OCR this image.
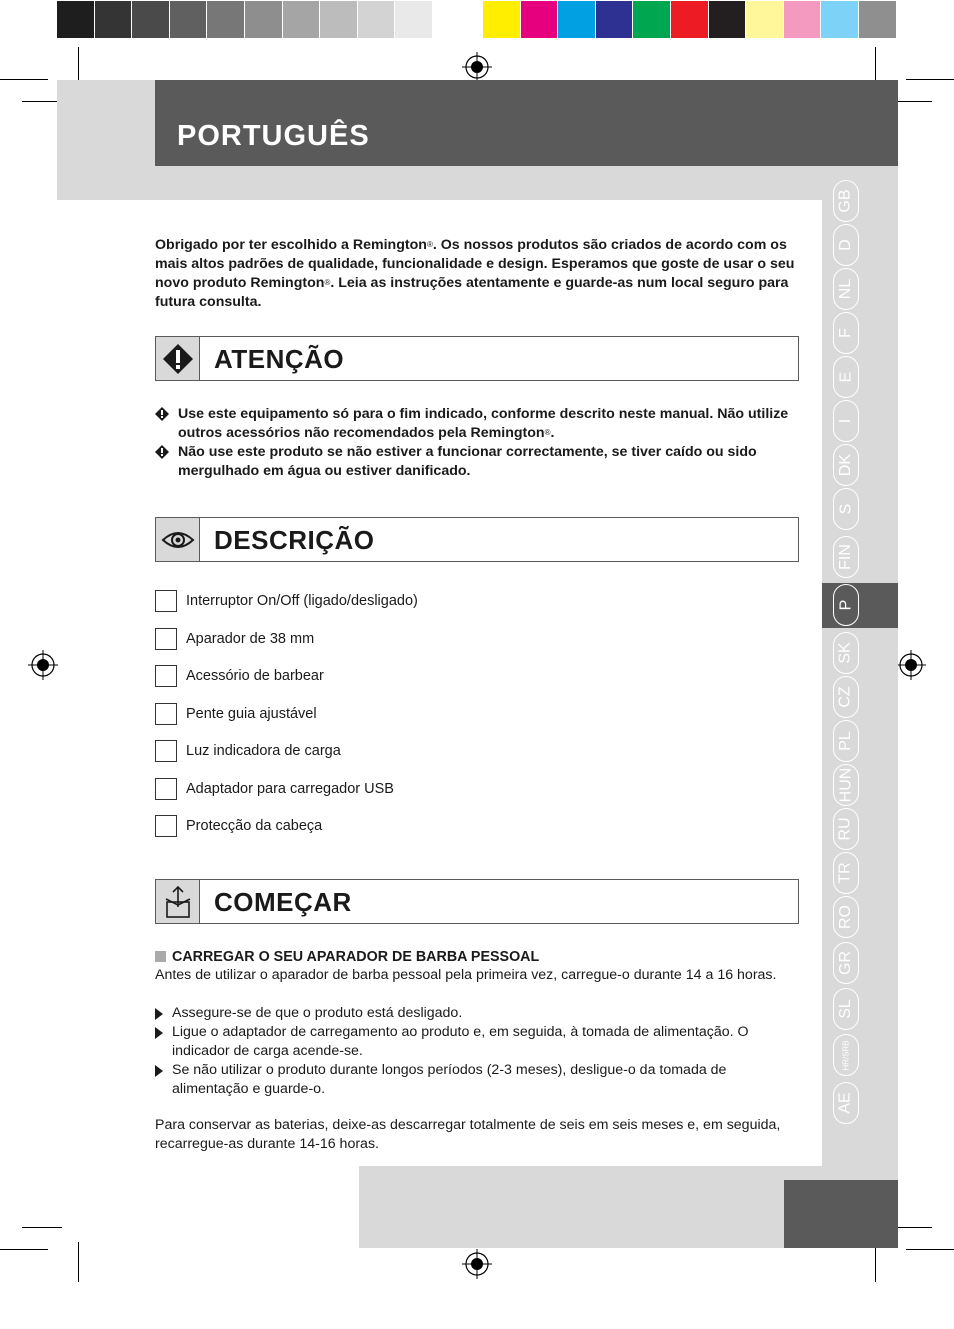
PORTUGUÊS
GB
D
NL
F
E
I
DK
S
FIN
P
SK
CZ
PL
HUN
RU
TR
RO
GR
SL
HR/SRB
AE
Obrigado por ter escolhido a Remington®. Os nossos produtos são criados de acordo com os mais altos padrões de qualidade, funcionalidade e design. Esperamos que goste de usar o seu novo produto Remington®. Leia as instruções atentamente e guarde-as num local seguro para futura consulta.
ATENÇÃO
Use este equipamento só para o fim indicado, conforme descrito neste manual. Não utilize outros acessórios não recomendados pela Remington®.
Não use este produto se não estiver a funcionar correctamente, se tiver caído ou sido mergulhado em água ou estiver danificado.
DESCRIÇÃO
Interruptor On/Off (ligado/desligado)
Aparador de 38 mm
Acessório de barbear
Pente guia ajustável
Luz indicadora de carga
Adaptador para carregador USB
Protecção da cabeça
COMEÇAR
CARREGAR O SEU APARADOR DE BARBA PESSOAL
Antes de utilizar o aparador de barba pessoal pela primeira vez, carregue-o durante 14 a 16 horas.
Assegure-se de que o produto está desligado.
Ligue o adaptador de carregamento ao produto e, em seguida, à tomada de alimentação. O indicador de carga acende-se.
Se não utilizar o produto durante longos períodos (2-3 meses), desligue-o da tomada de alimentação e guarde-o.
Para conservar as baterias, deixe-as descarregar totalmente de seis em seis meses e, em seguida, recarregue-as durante 14-16 horas.
